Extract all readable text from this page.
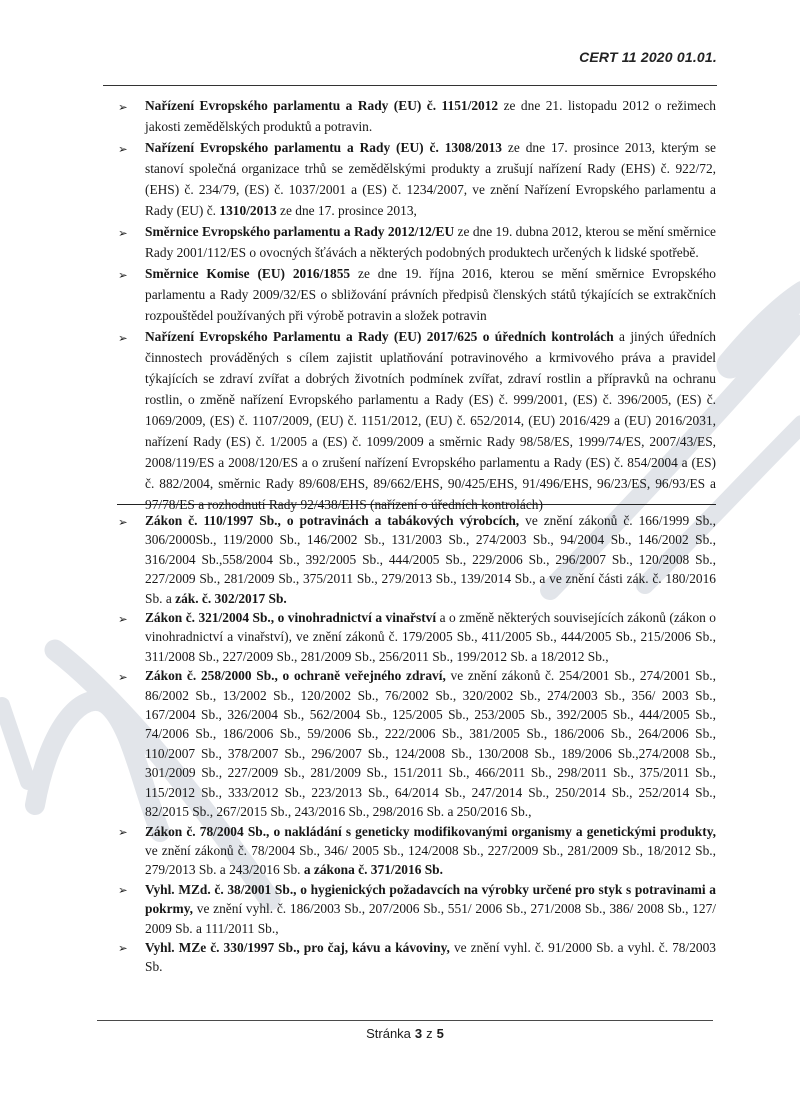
CERT 11 2020 01.01.
➢	Nařízení Evropského parlamentu a Rady (EU) č. 1151/2012 ze dne 21. listopadu 2012 o režimech jakosti zemědělských produktů a potravin.
➢	Nařízení Evropského parlamentu a Rady (EU) č. 1308/2013 ze dne 17. prosince 2013, kterým se stanoví společná organizace trhů se zemědělskými produkty a zrušují nařízení Rady (EHS) č. 922/72, (EHS) č. 234/79, (ES) č. 1037/2001 a (ES) č. 1234/2007, ve znění Nařízení Evropského parlamentu a Rady (EU) č. 1310/2013 ze dne 17. prosince 2013,
➢	Směrnice Evropského parlamentu a Rady 2012/12/EU ze dne 19. dubna 2012, kterou se mění směrnice Rady 2001/112/ES o ovocných šťávách a některých podobných produktech určených k lidské spotřebě.
➢	Směrnice Komise (EU) 2016/1855 ze dne 19. října 2016, kterou se mění směrnice Evropského parlamentu a Rady 2009/32/ES o sbližování právních předpisů členských států týkajících se extrakčních rozpouštědel používaných při výrobě potravin a složek potravin
➢	Nařízení Evropského Parlamentu a Rady (EU) 2017/625 o úředních kontrolách a jiných úředních činnostech prováděných s cílem zajistit uplatňování potravinového a krmivového práva a pravidel týkajících se zdraví zvířat a dobrých životních podmínek zvířat, zdraví rostlin a přípravků na ochranu rostlin, o změně nařízení Evropského parlamentu a Rady (ES) č. 999/2001, (ES) č. 396/2005, (ES) č. 1069/2009, (ES) č. 1107/2009, (EU) č. 1151/2012, (EU) č. 652/2014, (EU) 2016/429 a (EU) 2016/2031, nařízení Rady (ES) č. 1/2005 a (ES) č. 1099/2009 a směrnic Rady 98/58/ES, 1999/74/ES, 2007/43/ES, 2008/119/ES a 2008/120/ES a o zrušení nařízení Evropského parlamentu a Rady (ES) č. 854/2004 a (ES) č. 882/2004, směrnic Rady 89/608/EHS, 89/662/EHS, 90/425/EHS, 91/496/EHS, 96/23/ES, 96/93/ES a 97/78/ES a rozhodnutí Rady 92/438/EHS (nařízení o úředních kontrolách)
➢	Zákon č. 110/1997 Sb., o potravinách a tabákových výrobcích, ve znění zákonů č. 166/1999 Sb., 306/2000Sb., 119/2000 Sb., 146/2002 Sb., 131/2003 Sb., 274/2003 Sb., 94/2004 Sb., 146/2002 Sb., 316/2004 Sb.,558/2004 Sb., 392/2005 Sb., 444/2005 Sb., 229/2006 Sb., 296/2007 Sb., 120/2008 Sb., 227/2009 Sb., 281/2009 Sb., 375/2011 Sb., 279/2013 Sb., 139/2014 Sb., a ve znění části zák. č. 180/2016 Sb. a zák. č. 302/2017 Sb.
➢	Zákon č. 321/2004 Sb., o vinohradnictví a vinařství a o změně některých souvisejících zákonů (zákon o vinohradnictví a vinařství), ve znění zákonů č. 179/2005 Sb., 411/2005 Sb., 444/2005 Sb., 215/2006 Sb., 311/2008 Sb., 227/2009 Sb., 281/2009 Sb., 256/2011 Sb., 199/2012 Sb. a 18/2012 Sb.,
➢	Zákon č. 258/2000 Sb., o ochraně veřejného zdraví, ve znění zákonů č. 254/2001 Sb., 274/2001 Sb., 86/2002 Sb., 13/2002 Sb., 120/2002 Sb., 76/2002 Sb., 320/2002 Sb., 274/2003 Sb., 356/ 2003 Sb., 167/2004 Sb., 326/2004 Sb., 562/2004 Sb., 125/2005 Sb., 253/2005 Sb., 392/2005 Sb., 444/2005 Sb., 74/2006 Sb., 186/2006 Sb., 59/2006 Sb., 222/2006 Sb., 381/2005 Sb., 186/2006 Sb., 264/2006 Sb., 110/2007 Sb., 378/2007 Sb., 296/2007 Sb., 124/2008 Sb., 130/2008 Sb., 189/2006 Sb.,274/2008 Sb., 301/2009 Sb., 227/2009 Sb., 281/2009 Sb., 151/2011 Sb., 466/2011 Sb., 298/2011 Sb., 375/2011 Sb., 115/2012 Sb., 333/2012 Sb., 223/2013 Sb., 64/2014 Sb., 247/2014 Sb., 250/2014 Sb., 252/2014 Sb., 82/2015 Sb., 267/2015 Sb., 243/2016 Sb., 298/2016 Sb. a 250/2016 Sb.,
➢	Zákon č. 78/2004 Sb., o nakládání s geneticky modifikovanými organismy a genetickými produkty, ve znění zákonů č. 78/2004 Sb., 346/ 2005 Sb., 124/2008 Sb., 227/2009 Sb., 281/2009 Sb., 18/2012 Sb., 279/2013 Sb. a 243/2016 Sb. a zákona č. 371/2016 Sb.
➢	Vyhl. MZd. č. 38/2001 Sb., o hygienických požadavcích na výrobky určené pro styk s potravinami a pokrmy, ve znění vyhl. č. 186/2003 Sb., 207/2006 Sb., 551/ 2006 Sb., 271/2008 Sb., 386/ 2008 Sb., 127/ 2009 Sb. a 111/2011 Sb.,
➢	Vyhl. MZe č. 330/1997 Sb., pro čaj, kávu a kávoviny, ve znění vyhl. č. 91/2000 Sb. a vyhl. č. 78/2003 Sb.
Stránka 3 z 5
